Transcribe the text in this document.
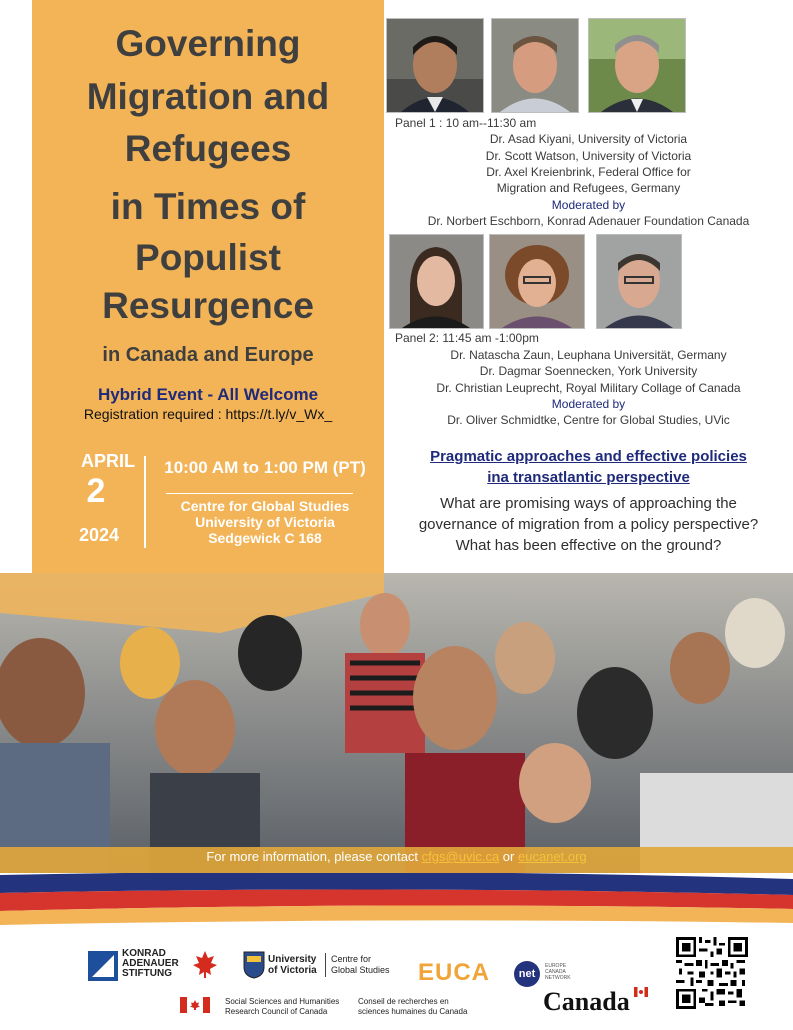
Governing
Migration and
Refugees
in Times of
Populist
Resurgence
in Canada and Europe
Hybrid Event - All Welcome
Registration required : https://t.ly/v_Wx_
APRIL
2
2024
10:00 AM to 1:00 PM (PT)
Centre for Global Studies
University of Victoria
Sedgewick C 168
Panel 1 : 10 am--11:30 am
Dr. Asad Kiyani, University of Victoria
Dr. Scott Watson, University of Victoria
Dr. Axel Kreienbrink, Federal Office for
Migration and Refugees, Germany
Moderated by
Dr. Norbert Eschborn, Konrad Adenauer Foundation Canada
Panel 2: 11:45 am -1:00pm
Dr. Natascha Zaun, Leuphana Universität, Germany
Dr. Dagmar Soennecken, York University
Dr. Christian Leuprecht, Royal Military Collage of Canada
Moderated by
Dr. Oliver Schmidtke, Centre for Global Studies, UVic
Pragmatic approaches and effective policies
ina transatlantic perspective
What are promising ways of approaching the
governance of migration from a policy perspective?
What has been effective on the ground?
For more information, please contact cfgs@uvic.ca or eucanet.org
KONRAD
ADENAUER
STIFTUNG
University
of Victoria
Centre for
Global Studies EUCA	net
EUROPE
CANADA
NETWORK
Social Sciences and Humanities
Research Council of Canada
Conseil de recherches en
sciences humaines du Canada	Canada
